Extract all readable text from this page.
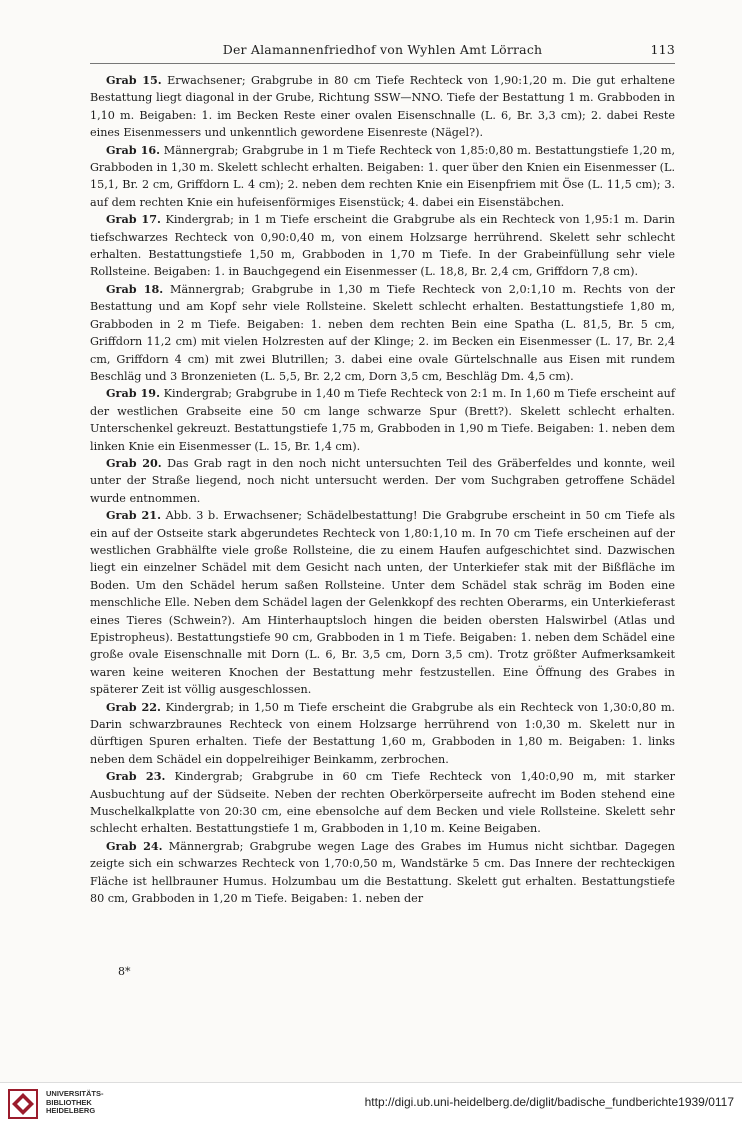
Der Alamannenfriedhof von Wyhlen Amt Lörrach	113

Grab 15. Erwachsener; Grabgrube in 80 cm Tiefe Rechteck von 1,90:1,20 m. Die gut erhaltene Bestattung liegt diagonal in der Grube, Richtung SSW—NNO. Tiefe der Bestattung 1 m. Grabboden in 1,10 m. Beigaben: 1. im Becken Reste einer ovalen Eisenschnalle (L. 6, Br. 3,3 cm); 2. dabei Reste eines Eisenmessers und unkenntlich gewordene Eisenreste (Nägel?).

Grab 16. Männergrab; Grabgrube in 1 m Tiefe Rechteck von 1,85:0,80 m. Bestattungstiefe 1,20 m, Grabboden in 1,30 m. Skelett schlecht erhalten. Beigaben: 1. quer über den Knien ein Eisenmesser (L. 15,1, Br. 2 cm, Griffdorn L. 4 cm); 2. neben dem rechten Knie ein Eisenpfriem mit Öse (L. 11,5 cm); 3. auf dem rechten Knie ein hufeisenförmiges Eisenstück; 4. dabei ein Eisenstäbchen.

Grab 17. Kindergrab; in 1 m Tiefe erscheint die Grabgrube als ein Rechteck von 1,95:1 m. Darin tiefschwarzes Rechteck von 0,90:0,40 m, von einem Holzsarge herrührend. Skelett sehr schlecht erhalten. Bestattungstiefe 1,50 m, Grabboden in 1,70 m Tiefe. In der Grabeinfüllung sehr viele Rollsteine. Beigaben: 1. in Bauchgegend ein Eisenmesser (L. 18,8, Br. 2,4 cm, Griffdorn 7,8 cm).

Grab 18. Männergrab; Grabgrube in 1,30 m Tiefe Rechteck von 2,0:1,10 m. Rechts von der Bestattung und am Kopf sehr viele Rollsteine. Skelett schlecht erhalten. Bestattungstiefe 1,80 m, Grabboden in 2 m Tiefe. Beigaben: 1. neben dem rechten Bein eine Spatha (L. 81,5, Br. 5 cm, Griffdorn 11,2 cm) mit vielen Holzresten auf der Klinge; 2. im Becken ein Eisenmesser (L. 17, Br. 2,4 cm, Griffdorn 4 cm) mit zwei Blutrillen; 3. dabei eine ovale Gürtelschnalle aus Eisen mit rundem Beschläg und 3 Bronzenieten (L. 5,5, Br. 2,2 cm, Dorn 3,5 cm, Beschläg Dm. 4,5 cm).

Grab 19. Kindergrab; Grabgrube in 1,40 m Tiefe Rechteck von 2:1 m. In 1,60 m Tiefe erscheint auf der westlichen Grabseite eine 50 cm lange schwarze Spur (Brett?). Skelett schlecht erhalten. Unterschenkel gekreuzt. Bestattungstiefe 1,75 m, Grabboden in 1,90 m Tiefe. Beigaben: 1. neben dem linken Knie ein Eisenmesser (L. 15, Br. 1,4 cm).

Grab 20. Das Grab ragt in den noch nicht untersuchten Teil des Gräberfeldes und konnte, weil unter der Straße liegend, noch nicht untersucht werden. Der vom Suchgraben getroffene Schädel wurde entnommen.

Grab 21. Abb. 3 b. Erwachsener; Schädelbestattung! Die Grabgrube erscheint in 50 cm Tiefe als ein auf der Ostseite stark abgerundetes Rechteck von 1,80:1,10 m. In 70 cm Tiefe erscheinen auf der westlichen Grabhälfte viele große Rollsteine, die zu einem Haufen aufgeschichtet sind. Dazwischen liegt ein einzelner Schädel mit dem Gesicht nach unten, der Unterkiefer stak mit der Bißfläche im Boden. Um den Schädel herum saßen Rollsteine. Unter dem Schädel stak schräg im Boden eine menschliche Elle. Neben dem Schädel lagen der Gelenkkopf des rechten Oberarms, ein Unterkieferast eines Tieres (Schwein?). Am Hinterhauptsloch hingen die beiden obersten Halswirbel (Atlas und Epistropheus). Bestattungstiefe 90 cm, Grabboden in 1 m Tiefe. Beigaben: 1. neben dem Schädel eine große ovale Eisenschnalle mit Dorn (L. 6, Br. 3,5 cm, Dorn 3,5 cm). Trotz größter Aufmerksamkeit waren keine weiteren Knochen der Bestattung mehr festzustellen. Eine Öffnung des Grabes in späterer Zeit ist völlig ausgeschlossen.

Grab 22. Kindergrab; in 1,50 m Tiefe erscheint die Grabgrube als ein Rechteck von 1,30:0,80 m. Darin schwarzbraunes Rechteck von einem Holzsarge herrührend von 1:0,30 m. Skelett nur in dürftigen Spuren erhalten. Tiefe der Bestattung 1,60 m, Grabboden in 1,80 m. Beigaben: 1. links neben dem Schädel ein doppelreihiger Beinkamm, zerbrochen.

Grab 23. Kindergrab; Grabgrube in 60 cm Tiefe Rechteck von 1,40:0,90 m, mit starker Ausbuchtung auf der Südseite. Neben der rechten Oberkörperseite aufrecht im Boden stehend eine Muschelkalkplatte von 20:30 cm, eine ebensolche auf dem Becken und viele Rollsteine. Skelett sehr schlecht erhalten. Bestattungstiefe 1 m, Grabboden in 1,10 m. Keine Beigaben.

Grab 24. Männergrab; Grabgrube wegen Lage des Grabes im Humus nicht sichtbar. Dagegen zeigte sich ein schwarzes Rechteck von 1,70:0,50 m, Wandstärke 5 cm. Das Innere der rechteckigen Fläche ist hellbrauner Humus. Holzumbau um die Bestattung. Skelett gut erhalten. Bestattungstiefe 80 cm, Grabboden in 1,20 m Tiefe. Beigaben: 1. neben der

8*
UNIVERSITÄTS-
BIBLIOTHEK
HEIDELBERG
http://digi.ub.uni-heidelberg.de/diglit/badische_fundberichte1939/0117
